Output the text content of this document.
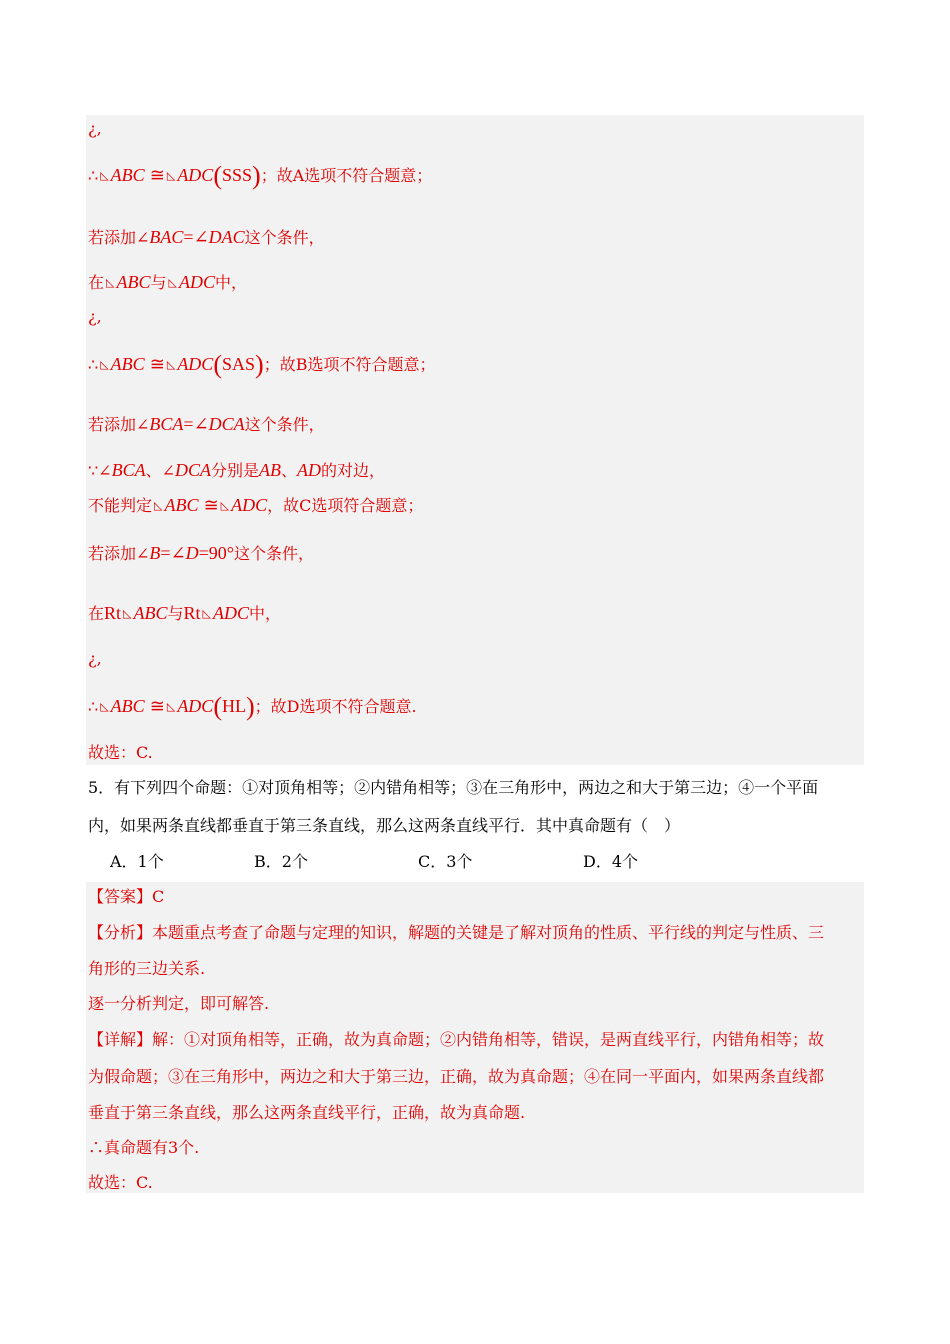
¿,
∴ ◺ ABC ≅ ◺ ADC(SSS)；故A选项不符合题意；
若添加∠BAC=∠DAC这个条件，
在 ◺ ABC与 ◺ ADC中，
¿,
∴ ◺ ABC ≅ ◺ ADC(SAS)；故B选项不符合题意；
若添加∠BCA=∠DCA这个条件，
∵∠BCA、∠DCA分别是AB、AD的对边，
不能判定 ◺ ABC ≅ ◺ ADC，故C选项符合题意；
若添加∠B=∠D=90°这个条件，
在Rt ◺ ABC与Rt ◺ ADC中，
¿,
∴ ◺ ABC ≅ ◺ ADC(HL)；故D选项不符合题意.
故选：C.
5．有下列四个命题：①对顶角相等；②内错角相等；③在三角形中，两边之和大于第三边；④一个平面
内，如果两条直线都垂直于第三条直线，那么这两条直线平行．其中真命题有（　）
A．1个	B．2个	C．3个	D．4个
【答案】C
【分析】本题重点考查了命题与定理的知识，解题的关键是了解对顶角的性质、平行线的判定与性质、三
角形的三边关系.
逐一分析判定，即可解答.
【详解】解：①对顶角相等，正确，故为真命题；②内错角相等，错误，是两直线平行，内错角相等；故
为假命题；③在三角形中，两边之和大于第三边，正确，故为真命题；④在同一平面内，如果两条直线都
垂直于第三条直线，那么这两条直线平行，正确，故为真命题.
∴真命题有3个.
故选：C.
